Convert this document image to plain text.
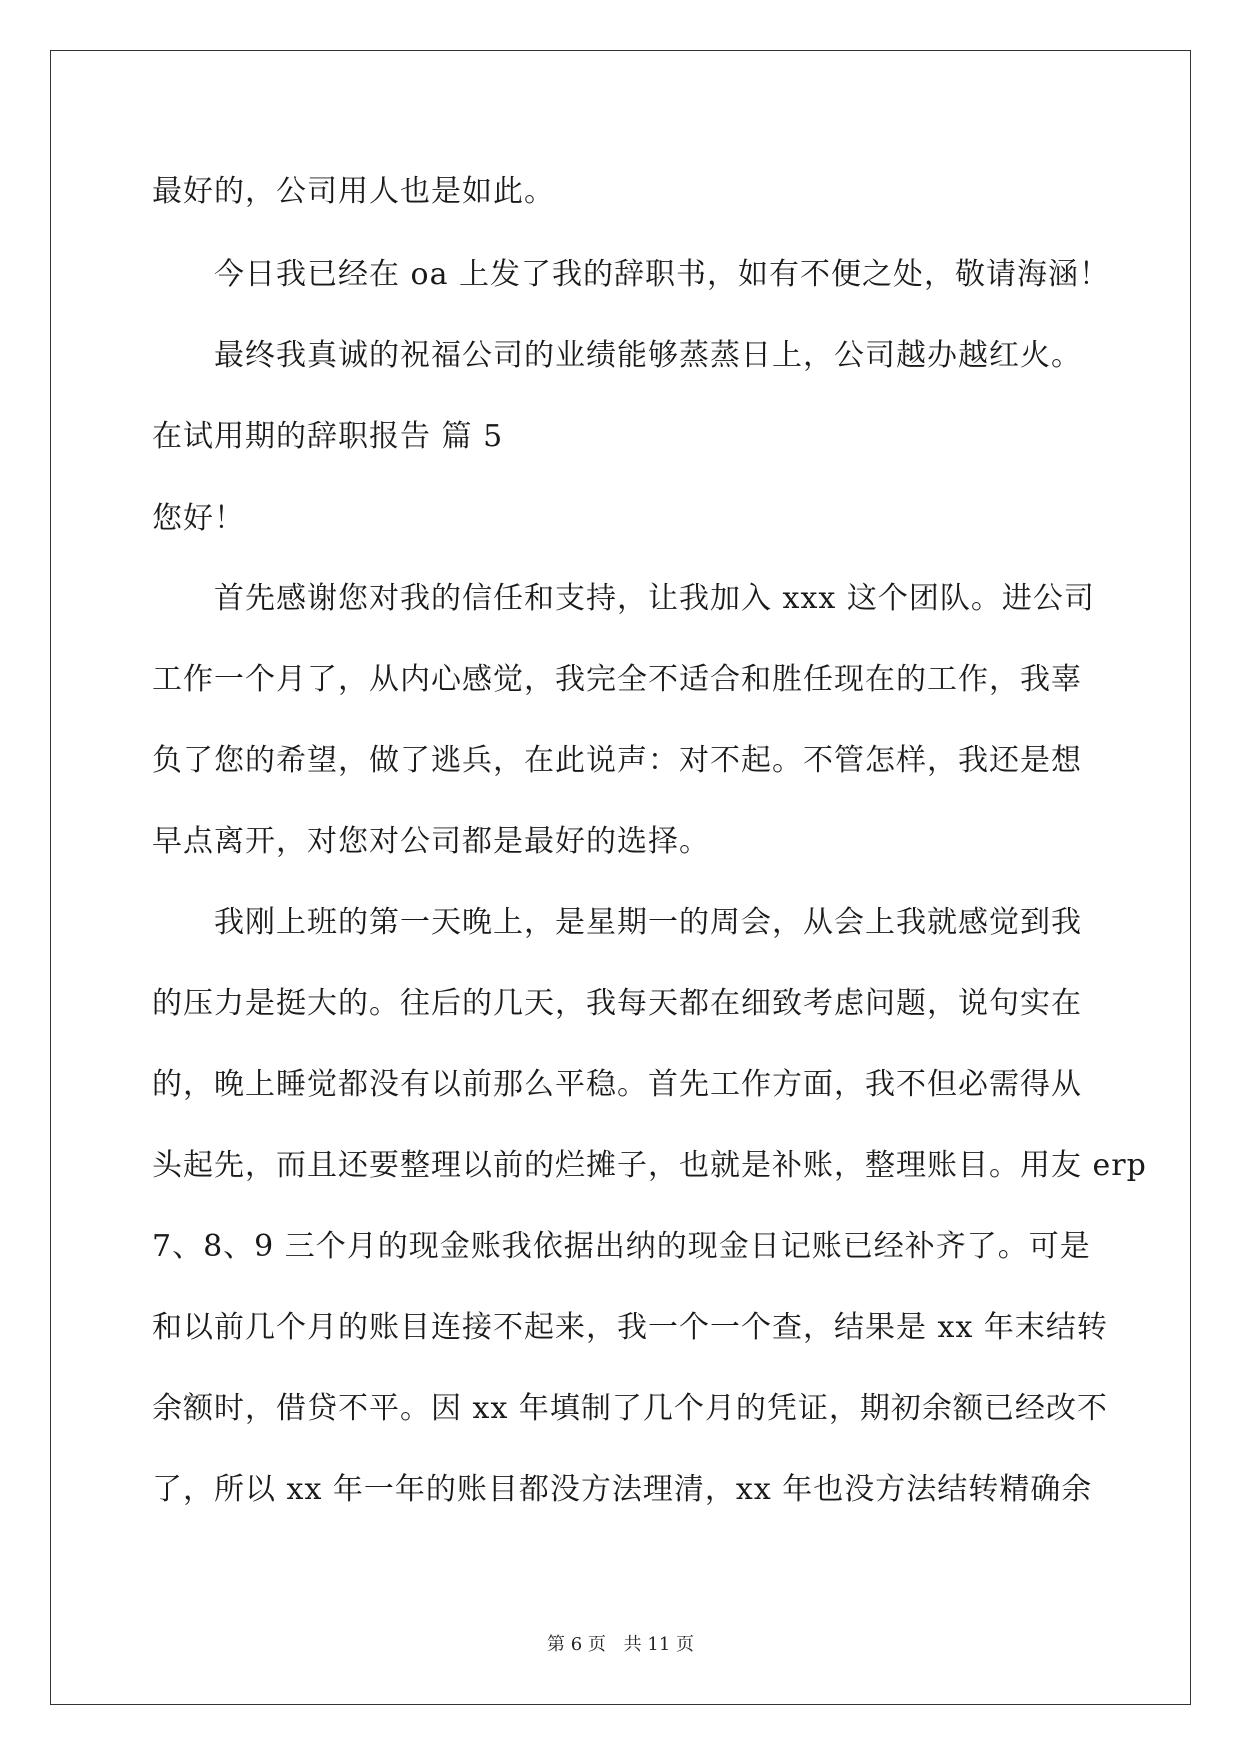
最好的，公司用人也是如此。
今日我已经在 oa 上发了我的辞职书，如有不便之处，敬请海涵！
最终我真诚的祝福公司的业绩能够蒸蒸日上，公司越办越红火。
在试用期的辞职报告 篇 5
您好！
首先感谢您对我的信任和支持，让我加入 xxx 这个团队。进公司
工作一个月了，从内心感觉，我完全不适合和胜任现在的工作，我辜
负了您的希望，做了逃兵，在此说声：对不起。不管怎样，我还是想
早点离开，对您对公司都是最好的选择。
我刚上班的第一天晚上，是星期一的周会，从会上我就感觉到我
的压力是挺大的。往后的几天，我每天都在细致考虑问题，说句实在
的，晚上睡觉都没有以前那么平稳。首先工作方面，我不但必需得从
头起先，而且还要整理以前的烂摊子，也就是补账，整理账目。用友 erp
7、8、9 三个月的现金账我依据出纳的现金日记账已经补齐了。可是
和以前几个月的账目连接不起来，我一个一个查，结果是 xx 年末结转
余额时，借贷不平。因 xx 年填制了几个月的凭证，期初余额已经改不
了，所以 xx 年一年的账目都没方法理清，xx 年也没方法结转精确余
第 6 页 共 11 页
